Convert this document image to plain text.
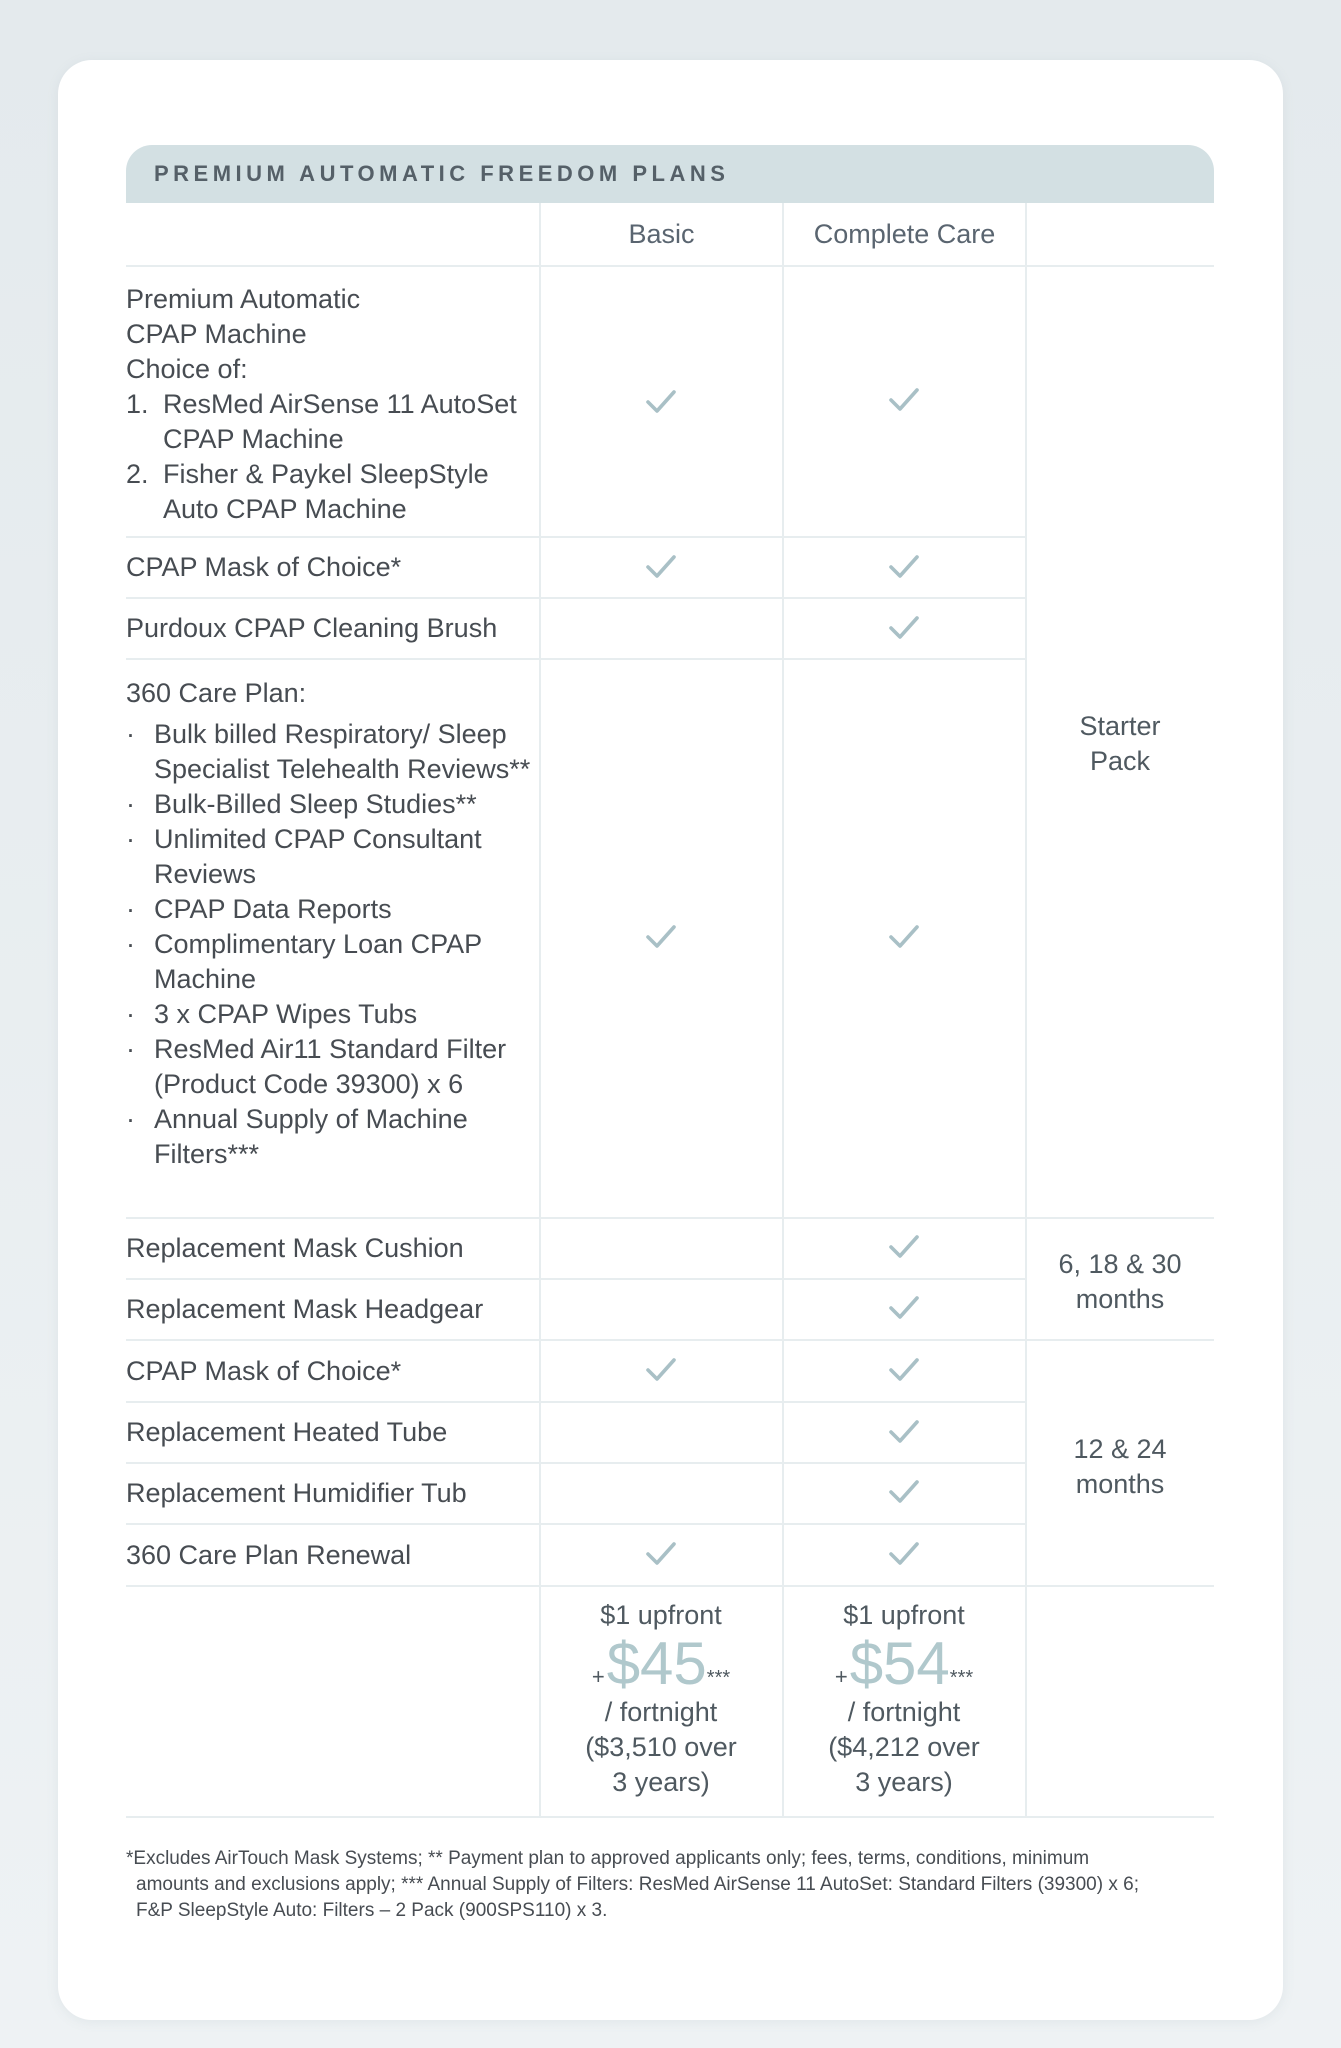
PREMIUM AUTOMATIC FREEDOM PLANS
Basic	Complete Care
Premium Automatic
CPAP Machine
Choice of:
1. ResMed AirSense 11 AutoSet CPAP Machine
2. Fisher & Paykel SleepStyle Auto CPAP Machine
CPAP Mask of Choice*
Purdoux CPAP Cleaning Brush
360 Care Plan:
· Bulk billed Respiratory/ Sleep Specialist Telehealth Reviews**
· Bulk-Billed Sleep Studies**
· Unlimited CPAP Consultant Reviews
· CPAP Data Reports
· Complimentary Loan CPAP Machine
· 3 x CPAP Wipes Tubs
· ResMed Air11 Standard Filter (Product Code 39300) x 6
· Annual Supply of Machine Filters***
Replacement Mask Cushion
Replacement Mask Headgear
CPAP Mask of Choice*
Replacement Heated Tube
Replacement Humidifier Tub
360 Care Plan Renewal
Starter
Pack
6, 18 & 30
months
12 & 24
months
$1 upfront
+ $45 ***
/ fortnight
($3,510 over
3 years)
$1 upfront
+ $54 ***
/ fortnight
($4,212 over
3 years)
*Excludes AirTouch Mask Systems; ** Payment plan to approved applicants only; fees, terms, conditions, minimum
amounts and exclusions apply; *** Annual Supply of Filters: ResMed AirSense 11 AutoSet: Standard Filters (39300) x 6;
F&P SleepStyle Auto: Filters – 2 Pack (900SPS110) x 3.
